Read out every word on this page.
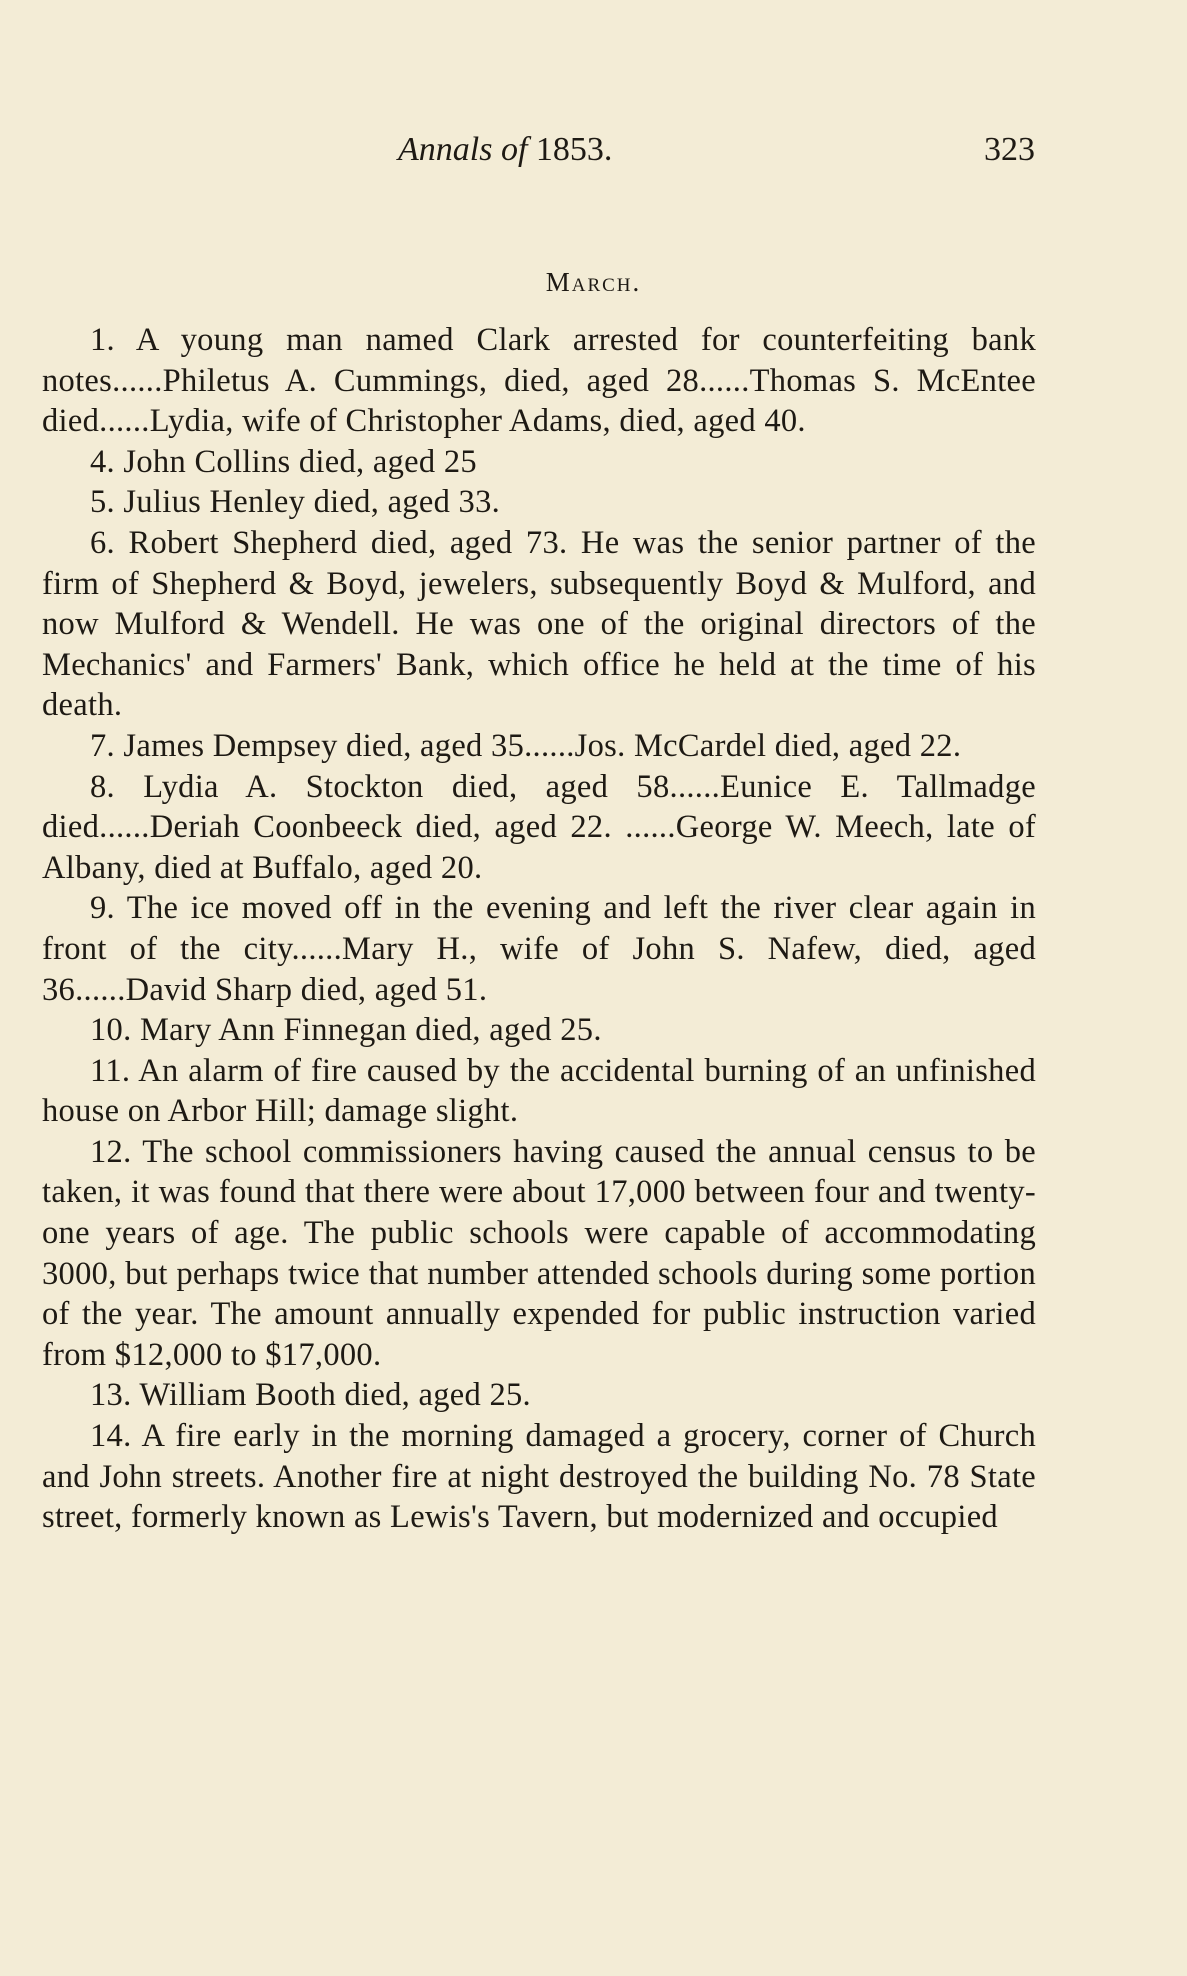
Annals of 1853.	323
March.

1. A young man named Clark arrested for counterfeiting bank notes......Philetus A. Cummings, died, aged 28......Thomas S. McEntee died......Lydia, wife of Christopher Adams, died, aged 40.

4. John Collins died, aged 25

5. Julius Henley died, aged 33.

6. Robert Shepherd died, aged 73. He was the senior partner of the firm of Shepherd & Boyd, jewelers, subsequently Boyd & Mulford, and now Mulford & Wendell. He was one of the original directors of the Mechanics' and Farmers' Bank, which office he held at the time of his death.

7. James Dempsey died, aged 35......Jos. McCardel died, aged 22.

8. Lydia A. Stockton died, aged 58......Eunice E. Tallmadge died......Deriah Coonbeeck died, aged 22. ......George W. Meech, late of Albany, died at Buffalo, aged 20.

9. The ice moved off in the evening and left the river clear again in front of the city......Mary H., wife of John S. Nafew, died, aged 36......David Sharp died, aged 51.

10. Mary Ann Finnegan died, aged 25.

11. An alarm of fire caused by the accidental burning of an unfinished house on Arbor Hill; damage slight.

12. The school commissioners having caused the annual census to be taken, it was found that there were about 17,000 between four and twenty-one years of age. The public schools were capable of accommodating 3000, but perhaps twice that number attended schools during some portion of the year. The amount annually expended for public instruction varied from $12,000 to $17,000.

13. William Booth died, aged 25.

14. A fire early in the morning damaged a grocery, corner of Church and John streets. Another fire at night destroyed the building No. 78 State street, formerly known as Lewis's Tavern, but modernized and occupied
